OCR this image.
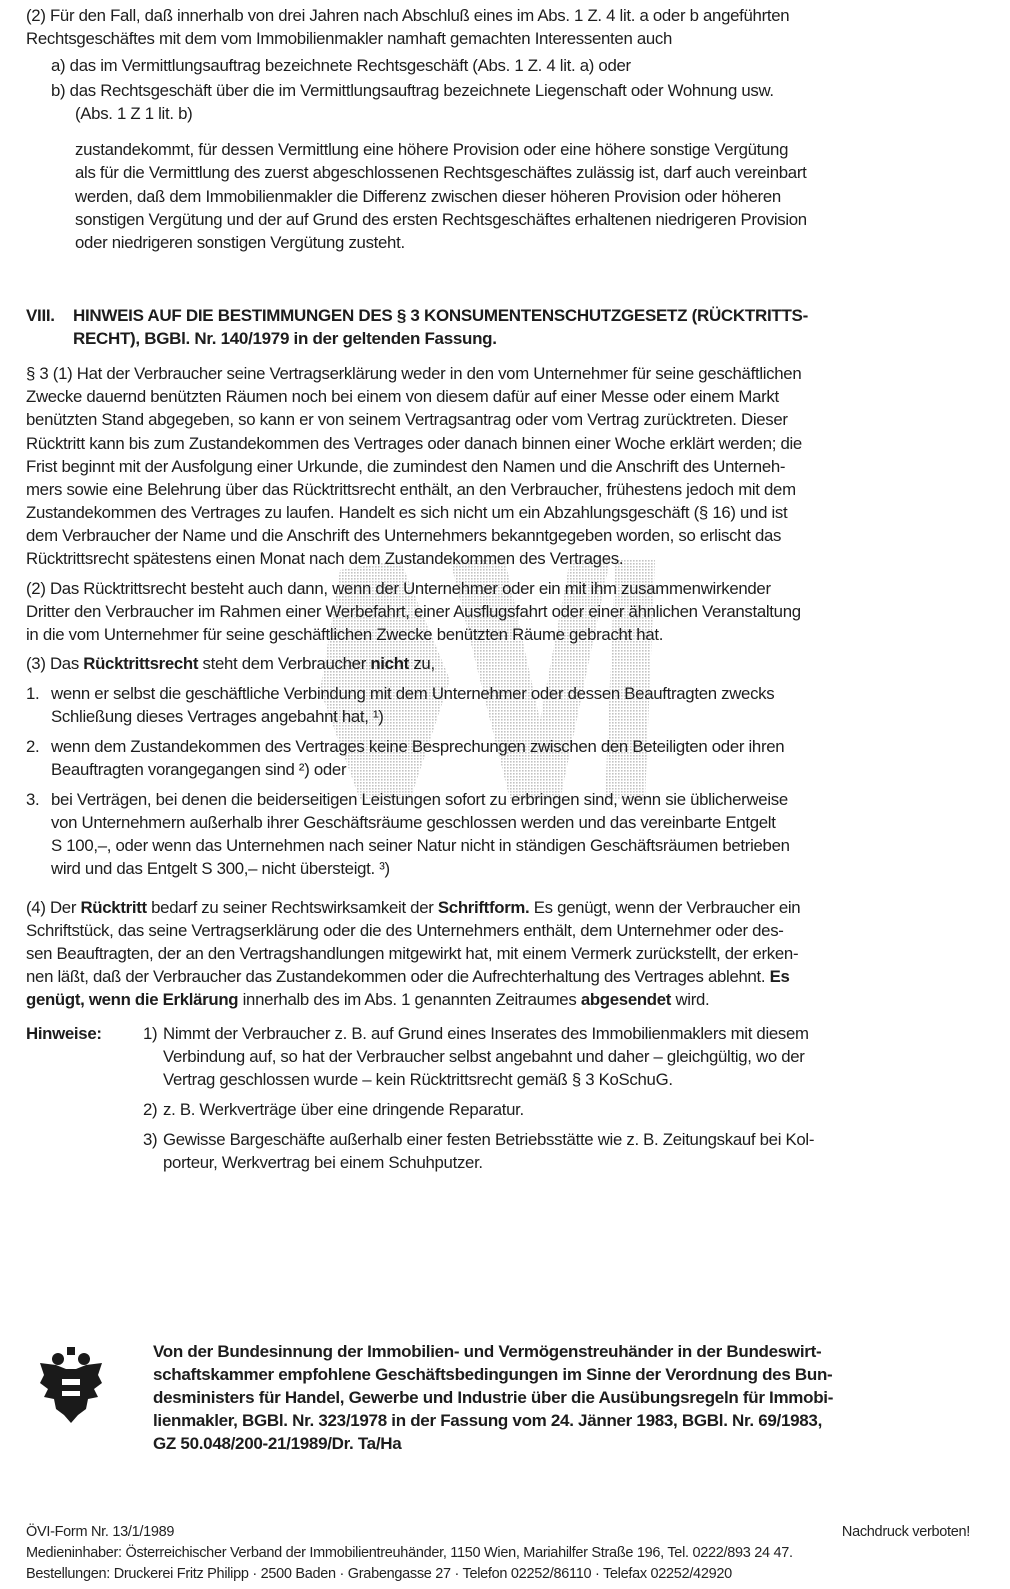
(2) Für den Fall, daß innerhalb von drei Jahren nach Abschluß eines im Abs. 1 Z. 4 lit. a oder b angeführten
Rechtsgeschäftes mit dem vom Immobilienmakler namhaft gemachten Interessenten auch
a) das im Vermittlungsauftrag bezeichnete Rechtsgeschäft (Abs. 1 Z. 4 lit. a) oder
b) das Rechtsgeschäft über die im Vermittlungsauftrag bezeichnete Liegenschaft oder Wohnung usw.
(Abs. 1 Z 1 lit. b)
zustandekommt, für dessen Vermittlung eine höhere Provision oder eine höhere sonstige Vergütung
als für die Vermittlung des zuerst abgeschlossenen Rechtsgeschäftes zulässig ist, darf auch vereinbart
werden, daß dem Immobilienmakler die Differenz zwischen dieser höheren Provision oder höheren
sonstigen Vergütung und der auf Grund des ersten Rechtsgeschäftes erhaltenen niedrigeren Provision
oder niedrigeren sonstigen Vergütung zusteht.
VIII. HINWEIS AUF DIE BESTIMMUNGEN DES § 3 KONSUMENTENSCHUTZGESETZ (RÜCKTRITTS-
RECHT), BGBl. Nr. 140/1979 in der geltenden Fassung.
§ 3 (1) Hat der Verbraucher seine Vertragserklärung weder in den vom Unternehmer für seine geschäftlichen
Zwecke dauernd benützten Räumen noch bei einem von diesem dafür auf einer Messe oder einem Markt
benützten Stand abgegeben, so kann er von seinem Vertragsantrag oder vom Vertrag zurücktreten. Dieser
Rücktritt kann bis zum Zustandekommen des Vertrages oder danach binnen einer Woche erklärt werden; die
Frist beginnt mit der Ausfolgung einer Urkunde, die zumindest den Namen und die Anschrift des Unterneh-
mers sowie eine Belehrung über das Rücktrittsrecht enthält, an den Verbraucher, frühestens jedoch mit dem
Zustandekommen des Vertrages zu laufen. Handelt es sich nicht um ein Abzahlungsgeschäft (§ 16) und ist
dem Verbraucher der Name und die Anschrift des Unternehmers bekanntgegeben worden, so erlischt das
Rücktrittsrecht spätestens einen Monat nach dem Zustandekommen des Vertrages.
(2) Das Rücktrittsrecht besteht auch dann, wenn der Unternehmer oder ein mit ihm zusammenwirkender
Dritter den Verbraucher im Rahmen einer Werbefahrt, einer Ausflugsfahrt oder einer ähnlichen Veranstaltung
in die vom Unternehmer für seine geschäftlichen Zwecke benützten Räume gebracht hat.
(3) Das Rücktrittsrecht steht dem Verbraucher nicht zu,
1. wenn er selbst die geschäftliche Verbindung mit dem Unternehmer oder dessen Beauftragten zwecks
Schließung dieses Vertrages angebahnt hat, ¹)
2. wenn dem Zustandekommen des Vertrages keine Besprechungen zwischen den Beteiligten oder ihren
Beauftragten vorangegangen sind ²) oder
3. bei Verträgen, bei denen die beiderseitigen Leistungen sofort zu erbringen sind, wenn sie üblicherweise
von Unternehmern außerhalb ihrer Geschäftsräume geschlossen werden und das vereinbarte Entgelt
S 100,–, oder wenn das Unternehmen nach seiner Natur nicht in ständigen Geschäftsräumen betrieben
wird und das Entgelt S 300,– nicht übersteigt. ³)
(4) Der Rücktritt bedarf zu seiner Rechtswirksamkeit der Schriftform. Es genügt, wenn der Verbraucher ein
Schriftstück, das seine Vertragserklärung oder die des Unternehmers enthält, dem Unternehmer oder des-
sen Beauftragten, der an den Vertragshandlungen mitgewirkt hat, mit einem Vermerk zurückstellt, der erken-
nen läßt, daß der Verbraucher das Zustandekommen oder die Aufrechterhaltung des Vertrages ablehnt. Es
genügt, wenn die Erklärung innerhalb des im Abs. 1 genannten Zeitraumes abgesendet wird.
Hinweise: 1) Nimmt der Verbraucher z. B. auf Grund eines Inserates des Immobilienmaklers mit diesem
Verbindung auf, so hat der Verbraucher selbst angebahnt und daher – gleichgültig, wo der
Vertrag geschlossen wurde – kein Rücktrittsrecht gemäß § 3 KoSchuG.
2) z. B. Werkverträge über eine dringende Reparatur.
3) Gewisse Bargeschäfte außerhalb einer festen Betriebsstätte wie z. B. Zeitungskauf bei Kol-
porteur, Werkvertrag bei einem Schuhputzer.
Von der Bundesinnung der Immobilien- und Vermögenstreuhänder in der Bundeswirt-
schaftskammer empfohlene Geschäftsbedingungen im Sinne der Verordnung des Bun-
desministers für Handel, Gewerbe und Industrie über die Ausübungsregeln für Immobi-
lienmakler, BGBl. Nr. 323/1978 in der Fassung vom 24. Jänner 1983, BGBl. Nr. 69/1983,
GZ 50.048/200-21/1989/Dr. Ta/Ha
ÖVI-Form Nr. 13/1/1989	Nachdruck verboten!
Medieninhaber: Österreichischer Verband der Immobilientreuhänder, 1150 Wien, Mariahilfer Straße 196, Tel. 0222/893 24 47.
Bestellungen: Druckerei Fritz Philipp · 2500 Baden · Grabengasse 27 · Telefon 02252/86110 · Telefax 02252/42920
